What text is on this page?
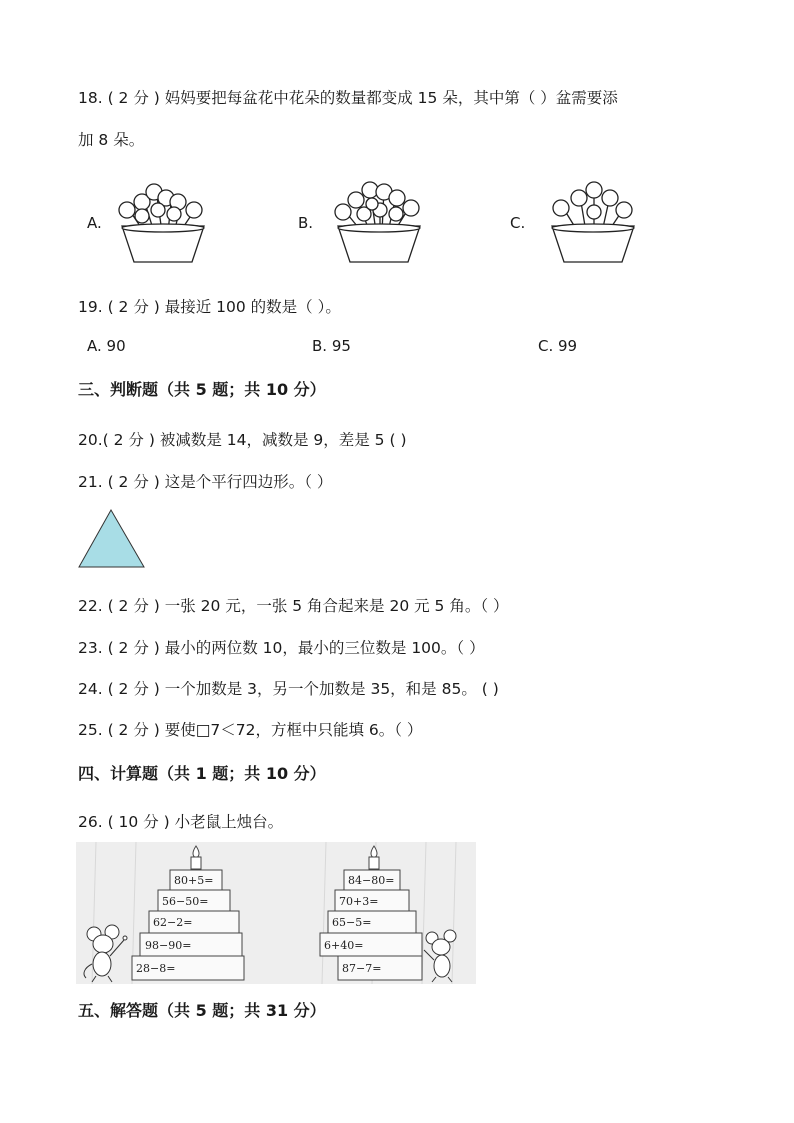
18. ( 2 分 ) 妈妈要把每盆花中花朵的数量都变成 15 朵，其中第（ ）盆需要添
加 8 朵。
A.	B.	C.
19. ( 2 分 ) 最接近 100 的数是（ ）。
A. 90	B. 95	C. 99
三、判断题（共 5 题；共 10 分）
20.( 2 分 ) 被减数是 14，减数是 9，差是 5 ( )
21. ( 2 分 ) 这是个平行四边形。（ ）
22. ( 2 分 ) 一张 20 元，一张 5 角合起来是 20 元 5 角。（ ）
23. ( 2 分 ) 最小的两位数 10，最小的三位数是 100。（ ）
24. ( 2 分 ) 一个加数是 3，另一个加数是 35，和是 85。 ( )
25. ( 2 分 ) 要使□7＜72，方框中只能填 6。（ ）
四、计算题（共 1 题；共 10 分）
26. ( 10 分 ) 小老鼠上烛台。
80+5=
56−50=
62−2=
98−90=
28−8=
84−80=
70+3=
65−5=
6+40=
87−7=
五、解答题（共 5 题；共 31 分）
